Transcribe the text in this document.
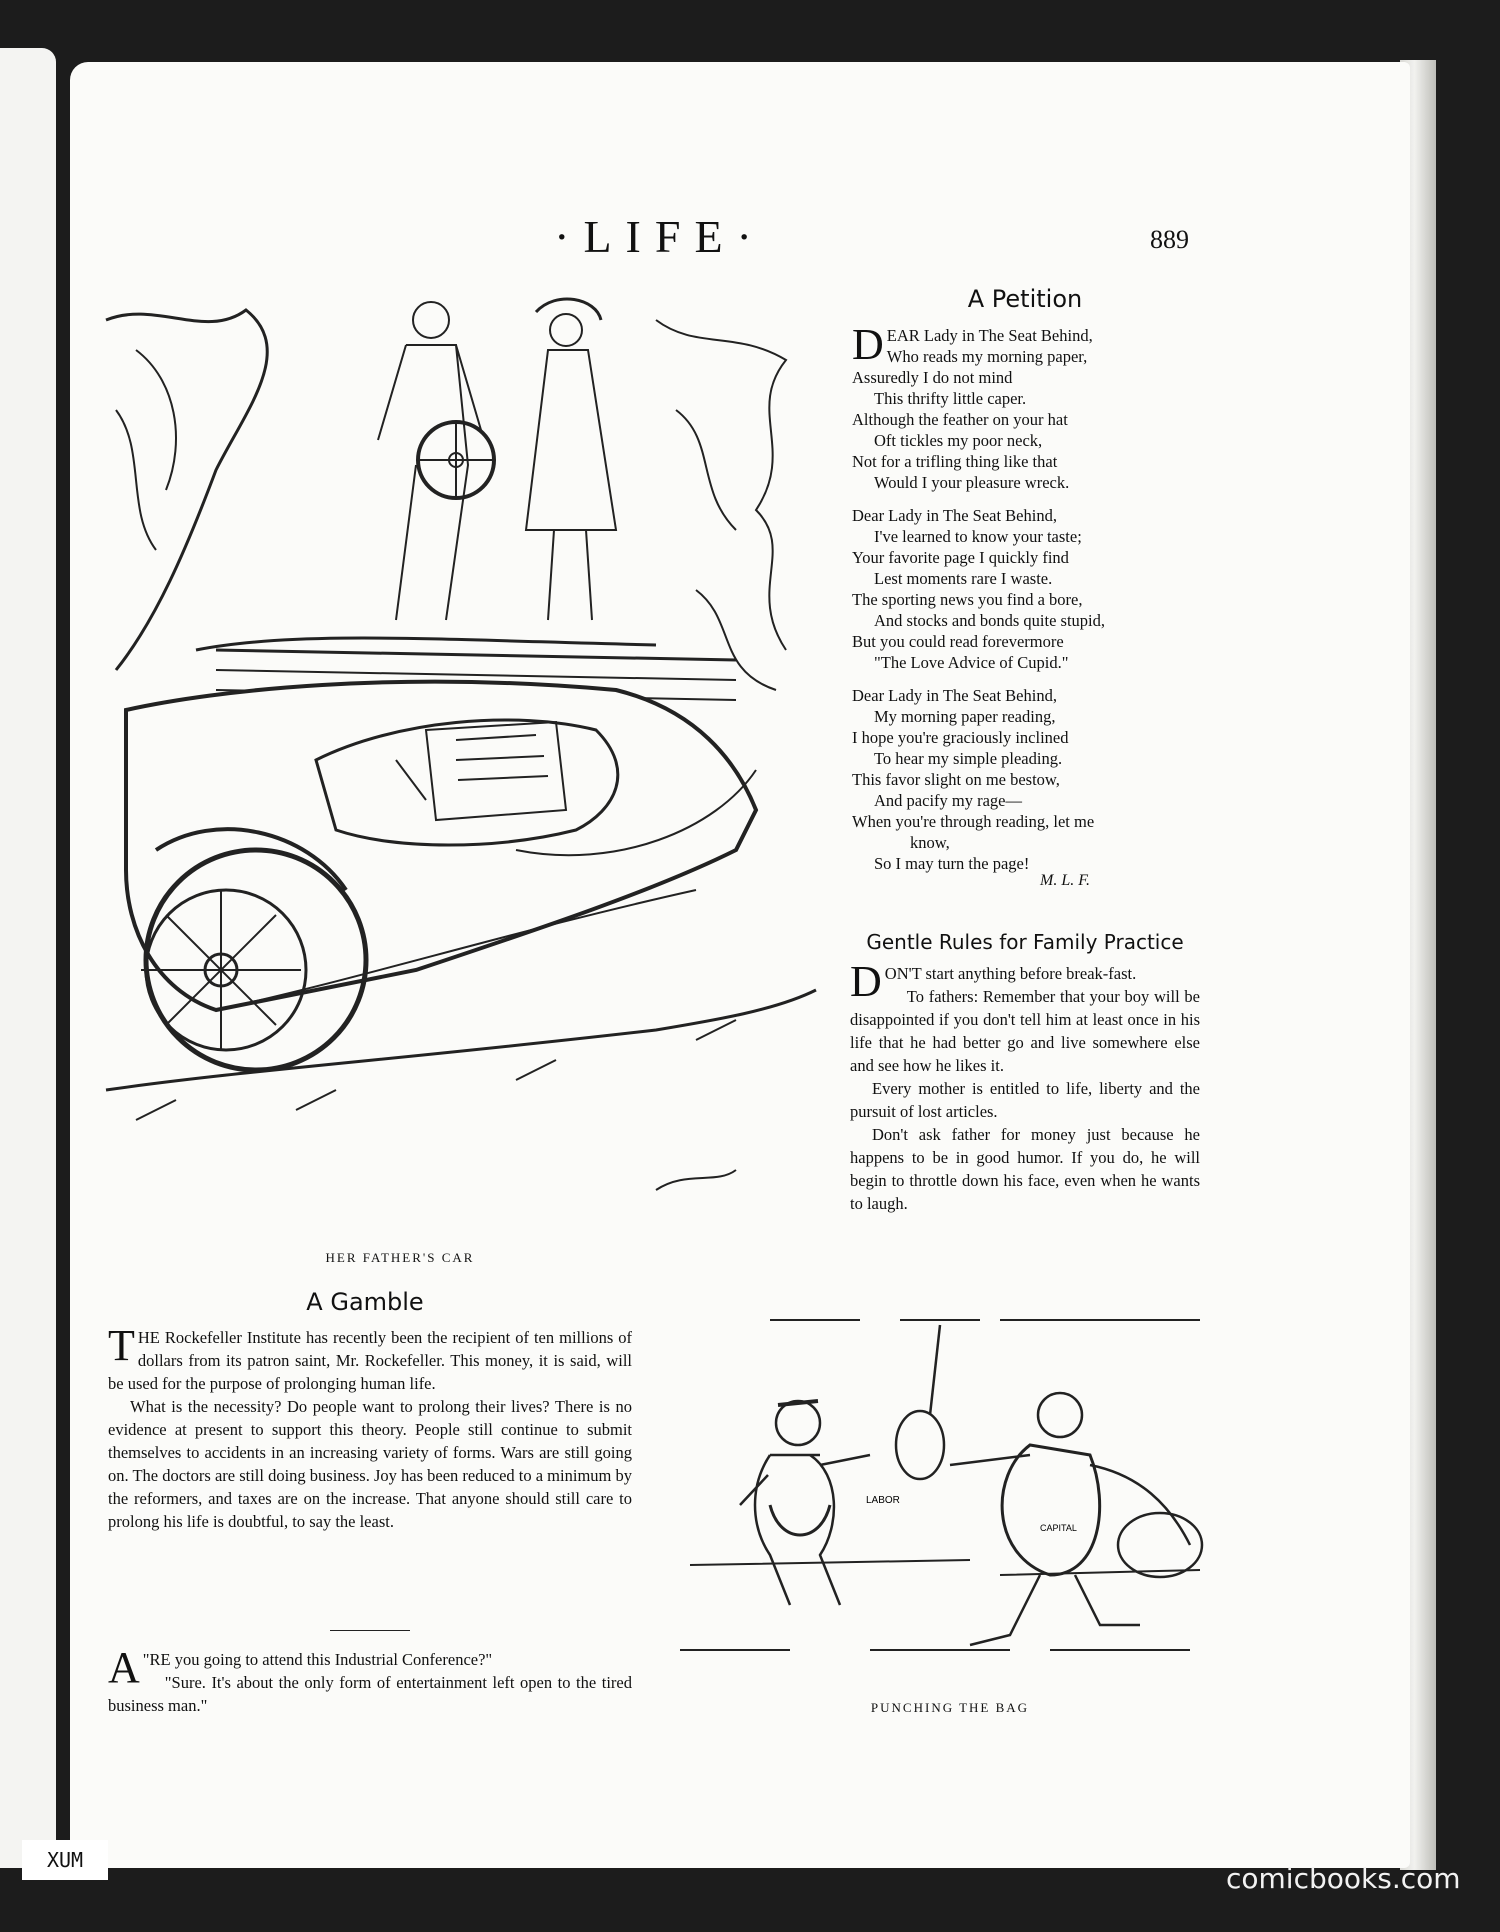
·LIFE·	889
HER FATHER'S CAR
A Petition
D EAR Lady in The Seat Behind,
Who reads my morning paper,
Assuredly I do not mind
This thrifty little caper.
Although the feather on your hat
Oft tickles my poor neck,
Not for a trifling thing like that
Would I your pleasure wreck.
Dear Lady in The Seat Behind,
I've learned to know your taste;
Your favorite page I quickly find
Lest moments rare I waste.
The sporting news you find a bore,
And stocks and bonds quite stupid,
But you could read forevermore
"The Love Advice of Cupid."
Dear Lady in The Seat Behind,
My morning paper reading,
I hope you're graciously inclined
To hear my simple pleading.
This favor slight on me bestow,
And pacify my rage—
When you're through reading, let me
know,
So I may turn the page!
M. L. F.
Gentle Rules for Family Practice

DON'T start anything before break-fast.

To fathers: Remember that your boy will be disappointed if you don't tell him at least once in his life that he had better go and live somewhere else and see how he likes it.

Every mother is entitled to life, liberty and the pursuit of lost articles.

Don't ask father for money just because he happens to be in good humor. If you do, he will begin to throttle down his face, even when he wants to laugh.

LABOR
CAPITAL
PUNCHING THE BAG
A Gamble

THE Rockefeller Institute has recently been the recipient of ten millions of dollars from its patron saint, Mr. Rockefeller. This money, it is said, will be used for the purpose of prolonging human life.

What is the necessity? Do people want to prolong their lives? There is no evidence at present to support this theory. People still continue to submit themselves to accidents in an increasing variety of forms. Wars are still going on. The doctors are still doing business. Joy has been reduced to a minimum by the reformers, and taxes are on the increase. That anyone should still care to prolong his life is doubtful, to say the least.

"
A RE you going to attend this Industrial Conference?"

"Sure. It's about the only form of entertainment left open to the tired business man."

XUM
comicbooks.com
